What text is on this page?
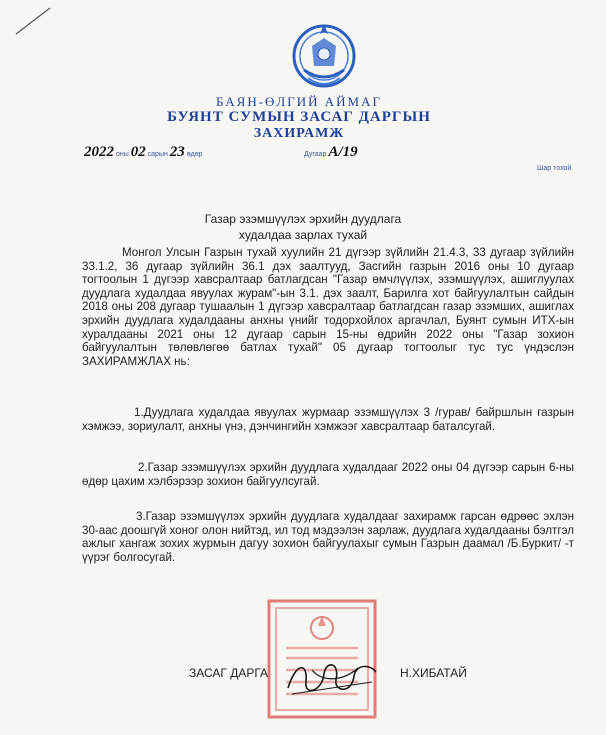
БАЯН-ӨЛГИЙ АЙМАГ
БУЯНТ СУМЫН ЗАСАГ ДАРГЫН
ЗАХИРАМЖ
2022 оны 02 сарын 23 өдөр	Дугаар А/19
Шар тохой
Газар эзэмшүүлэх эрхийн дуудлага
худалдаа зарлах тухай
Монгол Улсын Газрын тухай хуулийн 21 дүгээр зүйлийн 21.4.3, 33 дугаар зүйлийн 33.1.2, 36 дугаар зүйлийн 36.1 дэх заалтууд, Засгийн газрын 2016 оны 10 дугаар тогтоолын 1 дүгээр хавсралтаар батлагдсан "Газар өмчлүүлэх, эзэмшүүлэх, ашиглуулах дуудлага худалдаа явуулах журам"-ын 3.1. дэх заалт, Барилга хот байгуулалтын сайдын 2018 оны 208 дугаар тушаалын 1 дүгээр хавсралтаар батлагдсан газар эзэмших, ашиглах эрхийн дуудлага худалдааны анхны үнийг тодорхойлох аргачлал, Буянт сумын ИТХ-ын хуралдааны 2021 оны 12 дугаар сарын 15-ны өдрийн 2022 оны "Газар зохион байгуулалтын төлөвлөгөө батлах тухай" 05 дугаар тогтоолыг тус тус үндэслэн ЗАХИРАМЖЛАХ нь:
1.Дуудлага худалдаа явуулах журмаар эзэмшүүлэх 3 /гурав/ байршлын газрын хэмжээ, зориулалт, анхны үнэ, дэнчингийн хэмжээг хавсралтаар баталсугай.
2.Газар эзэмшүүлэх эрхийн дуудлага худалдааг 2022 оны 04 дүгээр сарын 6-ны өдөр цахим хэлбэрээр зохион байгуулсугай.
3.Газар эзэмшүүлэх эрхийн дуудлага худалдааг захирамж гарсан өдрөөс эхлэн 30-аас доошгүй хоног олон нийтэд, ил тод мэдээлэн зарлаж, дуудлага худалдааны бэлтгэл ажлыг хангаж зохих журмын дагуу зохион байгуулахыг сумын Газрын даамал /Б.Буркит/ -т үүрэг болгосугай.
ЗАСАГ ДАРГА	Н.ХИБАТАЙ
